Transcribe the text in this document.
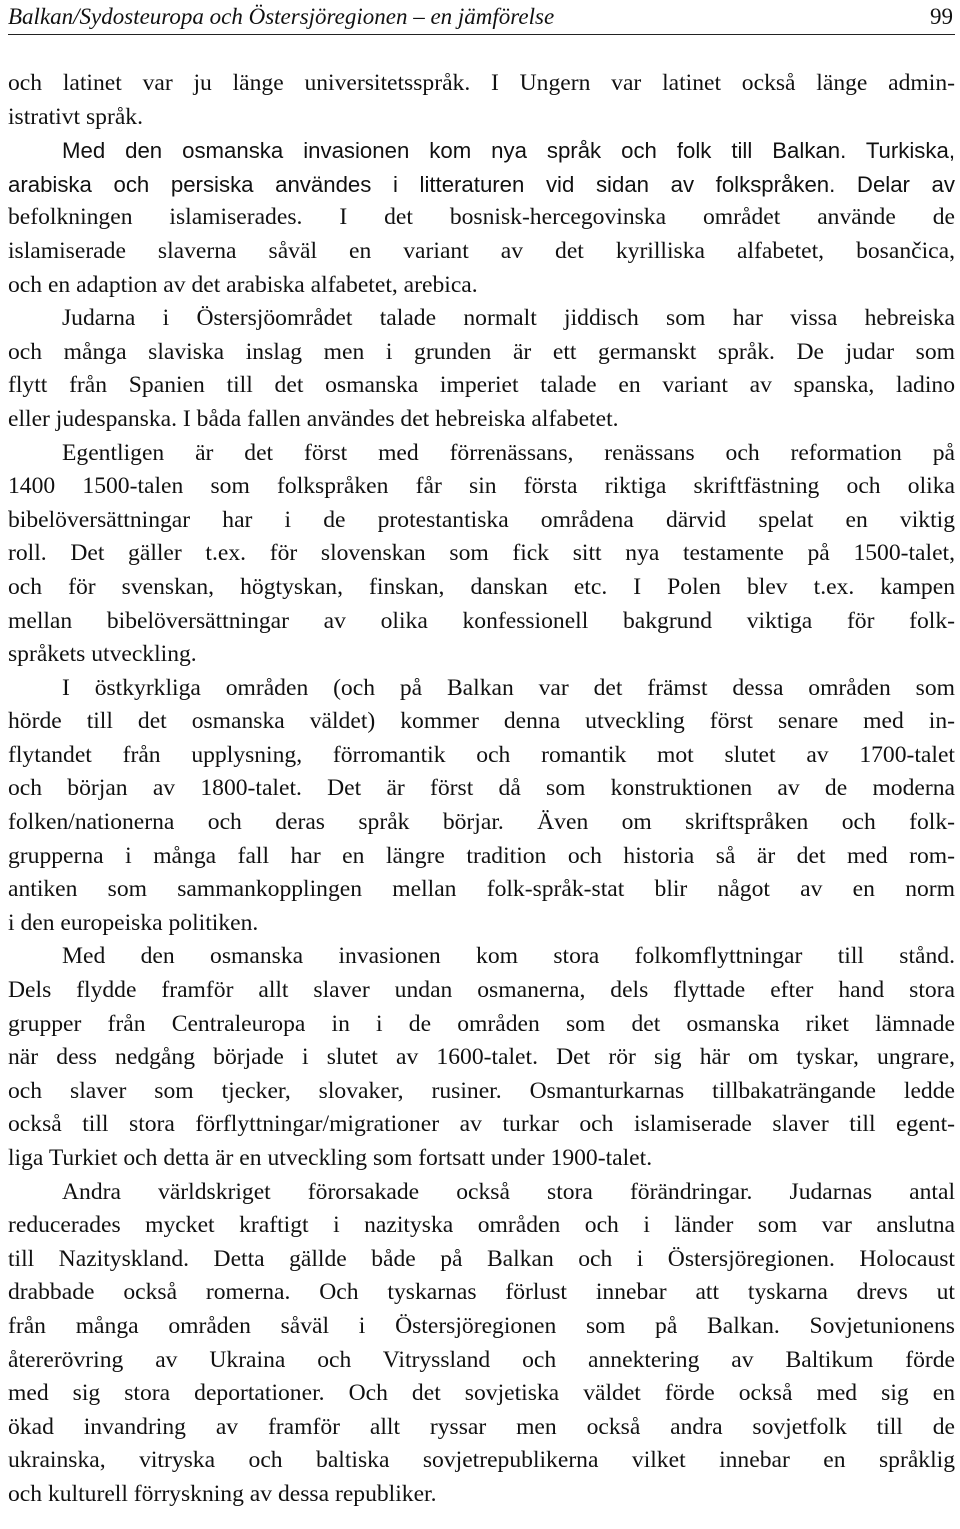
Balkan/Sydosteuropa och Östersjöregionen – en jämförelse	99
och latinet var ju länge universitetsspråk. I Ungern var latinet också länge admin-
istrativt språk.
Med den osmanska invasionen kom nya språk och folk till Balkan. Turkiska,
arabiska och persiska användes i litteraturen vid sidan av folkspråken. Delar av
befolkningen islamiserades. I det bosnisk-hercegovinska området använde de
islamiserade slaverna såväl en variant av det kyrilliska alfabetet, bosančica,
och en adaption av det arabiska alfabetet, arebica.
Judarna i Östersjöområdet talade normalt jiddisch som har vissa hebreiska
och många slaviska inslag men i grunden är ett germanskt språk. De judar som
flytt från Spanien till det osmanska imperiet talade en variant av spanska, ladino
eller judespanska. I båda fallen användes det hebreiska alfabetet.
Egentligen är det först med förrenässans, renässans och reformation på
1400 1500-talen som folkspråken får sin första riktiga skriftfästning och olika
bibelöversättningar har i de protestantiska områdena därvid spelat en viktig
roll. Det gäller t.ex. för slovenskan som fick sitt nya testamente på 1500-talet,
och för svenskan, högtyskan, finskan, danskan etc. I Polen blev t.ex. kampen
mellan bibelöversättningar av olika konfessionell bakgrund viktiga för folk-
språkets utveckling.
I östkyrkliga områden (och på Balkan var det främst dessa områden som
hörde till det osmanska väldet) kommer denna utveckling först senare med in-
flytandet från upplysning, förromantik och romantik mot slutet av 1700-talet
och början av 1800-talet. Det är först då som konstruktionen av de moderna
folken/nationerna och deras språk börjar. Även om skriftspråken och folk-
grupperna i många fall har en längre tradition och historia så är det med rom-
antiken som sammankopplingen mellan folk-språk-stat blir något av en norm
i den europeiska politiken.
Med den osmanska invasionen kom stora folkomflyttningar till stånd.
Dels flydde framför allt slaver undan osmanerna, dels flyttade efter hand stora
grupper från Centraleuropa in i de områden som det osmanska riket lämnade
när dess nedgång började i slutet av 1600-talet. Det rör sig här om tyskar, ungrare,
och slaver som tjecker, slovaker, rusiner. Osmanturkarnas tillbakaträngande ledde
också till stora förflyttningar/migrationer av turkar och islamiserade slaver till egent-
liga Turkiet och detta är en utveckling som fortsatt under 1900-talet.
Andra världskriget förorsakade också stora förändringar. Judarnas antal
reducerades mycket kraftigt i nazityska områden och i länder som var anslutna
till Nazityskland. Detta gällde både på Balkan och i Östersjöregionen. Holocaust
drabbade också romerna. Och tyskarnas förlust innebar att tyskarna drevs ut
från många områden såväl i Östersjöregionen som på Balkan. Sovjetunionens
återerövring av Ukraina och Vitryssland och annektering av Baltikum förde
med sig stora deportationer. Och det sovjetiska väldet förde också med sig en
ökad invandring av framför allt ryssar men också andra sovjetfolk till de
ukrainska, vitryska och baltiska sovjetrepublikerna vilket innebar en språklig
och kulturell förryskning av dessa republiker.
